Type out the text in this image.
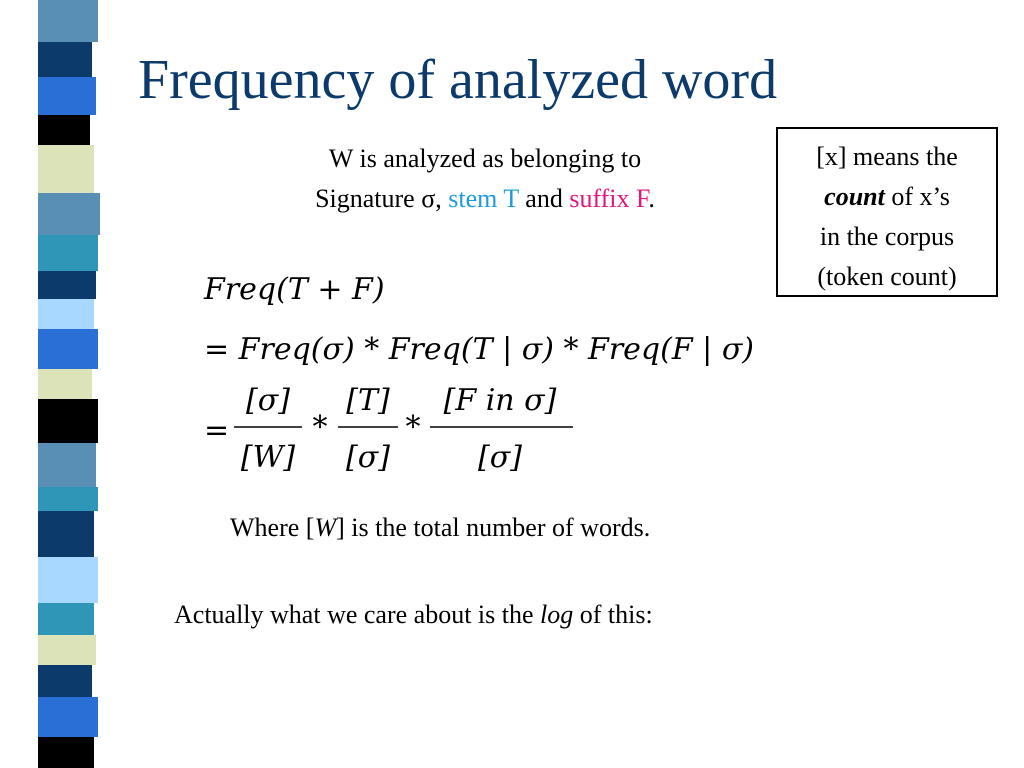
Frequency of analyzed word
W is analyzed as belonging to
Signature σ, stem T and suffix F.
[x] means the
count of x’s
in the corpus
(token count)
Freq(T + F)
= Freq(σ) * Freq(T | σ) * Freq(F | σ)
=
[σ]
[W]
*
[T]
[σ]
*
[F in σ]
[σ]
Where [W] is the total number of words.
Actually what we care about is the log of this:
